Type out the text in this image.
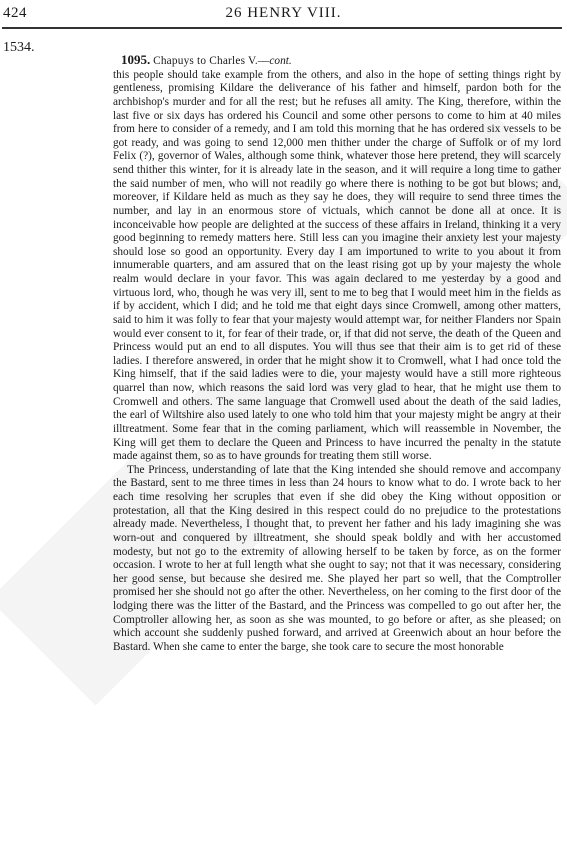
424	26 HENRY VIII.
1534.

1095. Chapuys to Charles V.—cont.

this people should take example from the others, and also in the hope of setting things right by gentleness, promising Kildare the deliverance of his father and himself, pardon both for the archbishop's murder and for all the rest; but he refuses all amity. The King, therefore, within the last five or six days has ordered his Council and some other persons to come to him at 40 miles from here to consider of a remedy, and I am told this morning that he has ordered six vessels to be got ready, and was going to send 12,000 men thither under the charge of Suffolk or of my lord Felix (?), governor of Wales, although some think, whatever those here pretend, they will scarcely send thither this winter, for it is already late in the season, and it will require a long time to gather the said number of men, who will not readily go where there is nothing to be got but blows; and, moreover, if Kildare held as much as they say he does, they will require to send three times the number, and lay in an enormous store of victuals, which cannot be done all at once. It is inconceivable how people are delighted at the success of these affairs in Ireland, thinking it a very good beginning to remedy matters here. Still less can you imagine their anxiety lest your majesty should lose so good an opportunity. Every day I am importuned to write to you about it from innumerable quarters, and am assured that on the least rising got up by your majesty the whole realm would declare in your favor. This was again declared to me yesterday by a good and virtuous lord, who, though he was very ill, sent to me to beg that I would meet him in the fields as if by accident, which I did; and he told me that eight days since Cromwell, among other matters, said to him it was folly to fear that your majesty would attempt war, for neither Flanders nor Spain would ever consent to it, for fear of their trade, or, if that did not serve, the death of the Queen and Princess would put an end to all disputes. You will thus see that their aim is to get rid of these ladies. I therefore answered, in order that he might show it to Cromwell, what I had once told the King himself, that if the said ladies were to die, your majesty would have a still more righteous quarrel than now, which reasons the said lord was very glad to hear, that he might use them to Cromwell and others. The same language that Cromwell used about the death of the said ladies, the earl of Wiltshire also used lately to one who told him that your majesty might be angry at their illtreatment. Some fear that in the coming parliament, which will reassemble in November, the King will get them to declare the Queen and Princess to have incurred the penalty in the statute made against them, so as to have grounds for treating them still worse.

The Princess, understanding of late that the King intended she should remove and accompany the Bastard, sent to me three times in less than 24 hours to know what to do. I wrote back to her each time resolving her scruples that even if she did obey the King without opposition or protestation, all that the King desired in this respect could do no prejudice to the protestations already made. Nevertheless, I thought that, to prevent her father and his lady imagining she was worn-out and conquered by illtreatment, she should speak boldly and with her accustomed modesty, but not go to the extremity of allowing herself to be taken by force, as on the former occasion. I wrote to her at full length what she ought to say; not that it was necessary, considering her good sense, but because she desired me. She played her part so well, that the Comptroller promised her she should not go after the other. Nevertheless, on her coming to the first door of the lodging there was the litter of the Bastard, and the Princess was compelled to go out after her, the Comptroller allowing her, as soon as she was mounted, to go before or after, as she pleased; on which account she suddenly pushed forward, and arrived at Greenwich about an hour before the Bastard. When she came to enter the barge, she took care to secure the most honorable
